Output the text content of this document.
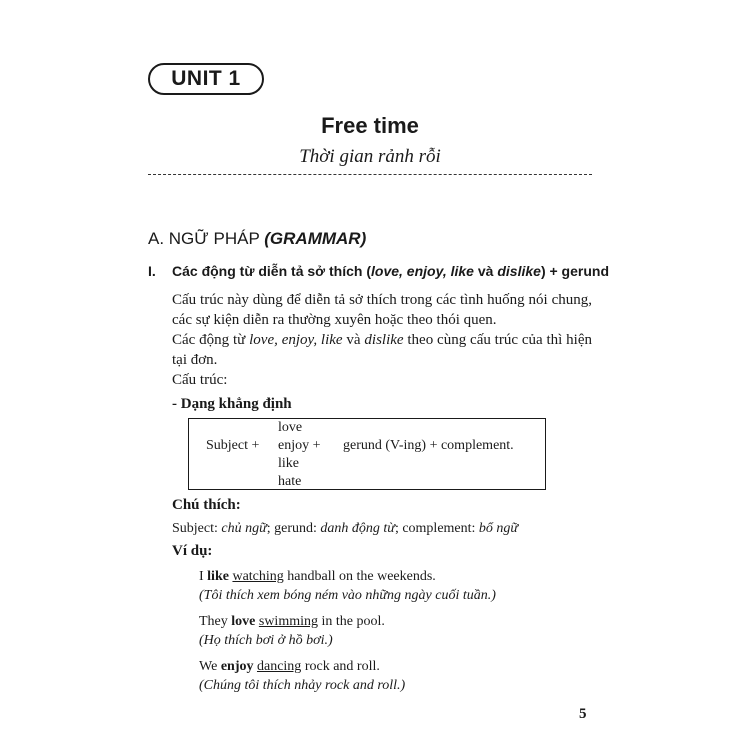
UNIT 1
Free time
Thời gian rảnh rỗi
A. NGỮ PHÁP (GRAMMAR)
I. Các động từ diễn tả sở thích (love, enjoy, like và dislike) + gerund

Cấu trúc này dùng để diễn tả sở thích trong các tình huống nói chung, các sự kiện diễn ra thường xuyên hoặc theo thói quen.

Các động từ love, enjoy, like và dislike theo cùng cấu trúc của thì hiện tại đơn.

Cấu trúc:
- Dạng khẳng định
Subject +
love
enjoy +
like
hate
gerund (V-ing) + complement.
Chú thích:
Subject: chủ ngữ; gerund: danh động từ; complement: bổ ngữ
Ví dụ:
I like watching handball on the weekends.
(Tôi thích xem bóng ném vào những ngày cuối tuần.)
They love swimming in the pool.
(Họ thích bơi ở hồ bơi.)
We enjoy dancing rock and roll.
(Chúng tôi thích nhảy rock and roll.)
5
